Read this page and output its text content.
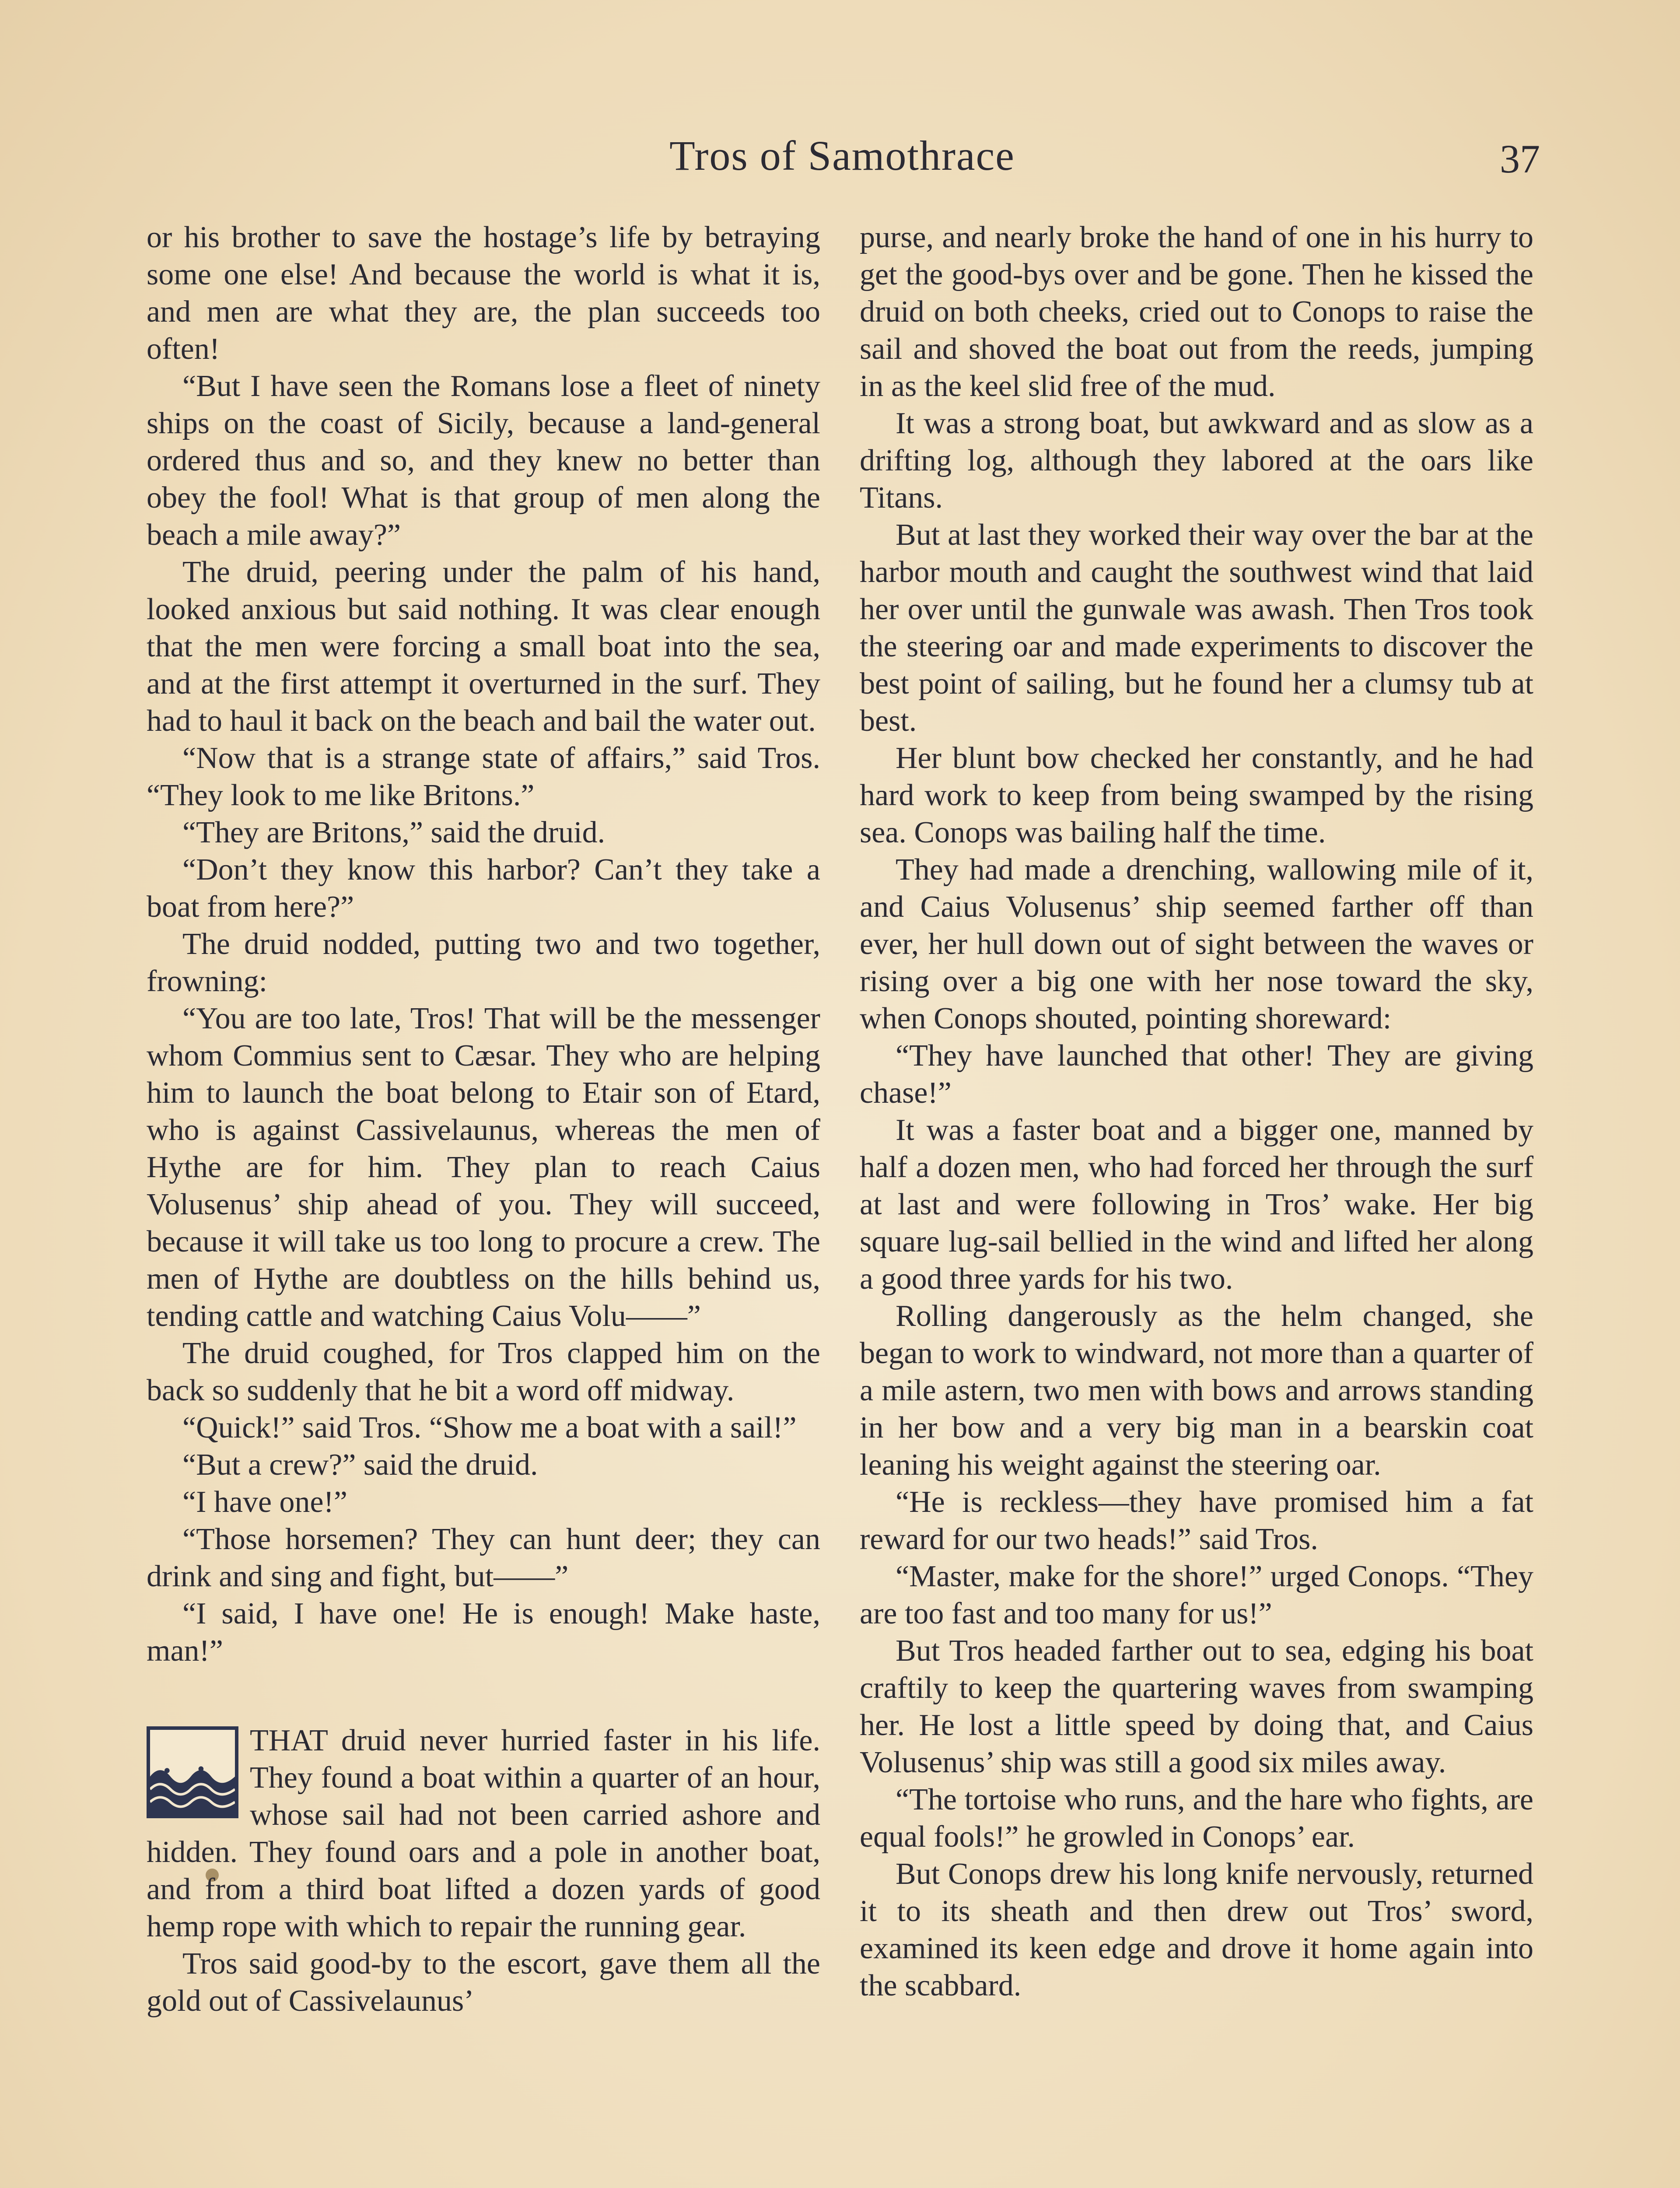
Tros of Samothrace	37

or his brother to save the hostage’s life by betraying some one else! And because the world is what it is, and men are what they are, the plan succeeds too often!

“But I have seen the Romans lose a fleet of ninety ships on the coast of Sicily, because a land-general ordered thus and so, and they knew no better than obey the fool! What is that group of men along the beach a mile away?”

The druid, peering under the palm of his hand, looked anxious but said nothing. It was clear enough that the men were forcing a small boat into the sea, and at the first attempt it overturned in the surf. They had to haul it back on the beach and bail the water out.

“Now that is a strange state of affairs,” said Tros. “They look to me like Britons.”

“They are Britons,” said the druid.

“Don’t they know this harbor? Can’t they take a boat from here?”

The druid nodded, putting two and two together, frowning:

“You are too late, Tros! That will be the messenger whom Commius sent to Cæsar. They who are helping him to launch the boat belong to Etair son of Etard, who is against Cassivelaunus, whereas the men of Hythe are for him. They plan to reach Caius Volusenus’ ship ahead of you. They will succeed, because it will take us too long to procure a crew. The men of Hythe are doubtless on the hills behind us, tending cattle and watching Caius Volu——”

The druid coughed, for Tros clapped him on the back so suddenly that he bit a word off midway.

“Quick!” said Tros. “Show me a boat with a sail!”

“But a crew?” said the druid.

“I have one!”

“Those horsemen? They can hunt deer; they can drink and sing and fight, but——”

“I said, I have one! He is enough! Make haste, man!”

THAT druid never hurried faster in his life. They found a boat within a quarter of an hour, whose sail had not been carried ashore and hidden. They found oars and a pole in another boat, and from a third boat lifted a dozen yards of good hemp rope with which to repair the running gear.

Tros said good-by to the escort, gave them all the gold out of Cassivelaunus’

purse, and nearly broke the hand of one in his hurry to get the good-bys over and be gone. Then he kissed the druid on both cheeks, cried out to Conops to raise the sail and shoved the boat out from the reeds, jumping in as the keel slid free of the mud.

It was a strong boat, but awkward and as slow as a drifting log, although they labored at the oars like Titans.

But at last they worked their way over the bar at the harbor mouth and caught the southwest wind that laid her over until the gunwale was awash. Then Tros took the steering oar and made experiments to discover the best point of sailing, but he found her a clumsy tub at best.

Her blunt bow checked her constantly, and he had hard work to keep from being swamped by the rising sea. Conops was bailing half the time.

They had made a drenching, wallowing mile of it, and Caius Volusenus’ ship seemed farther off than ever, her hull down out of sight between the waves or rising over a big one with her nose toward the sky, when Conops shouted, pointing shoreward:

“They have launched that other! They are giving chase!”

It was a faster boat and a bigger one, manned by half a dozen men, who had forced her through the surf at last and were following in Tros’ wake. Her big square lug-sail bellied in the wind and lifted her along a good three yards for his two.

Rolling dangerously as the helm changed, she began to work to windward, not more than a quarter of a mile astern, two men with bows and arrows standing in her bow and a very big man in a bearskin coat leaning his weight against the steering oar.

“He is reckless—they have promised him a fat reward for our two heads!” said Tros.

“Master, make for the shore!” urged Conops. “They are too fast and too many for us!”

But Tros headed farther out to sea, edging his boat craftily to keep the quartering waves from swamping her. He lost a little speed by doing that, and Caius Volusenus’ ship was still a good six miles away.

“The tortoise who runs, and the hare who fights, are equal fools!” he growled in Conops’ ear.

But Conops drew his long knife nervously, returned it to its sheath and then drew out Tros’ sword, examined its keen edge and drove it home again into the scabbard.
